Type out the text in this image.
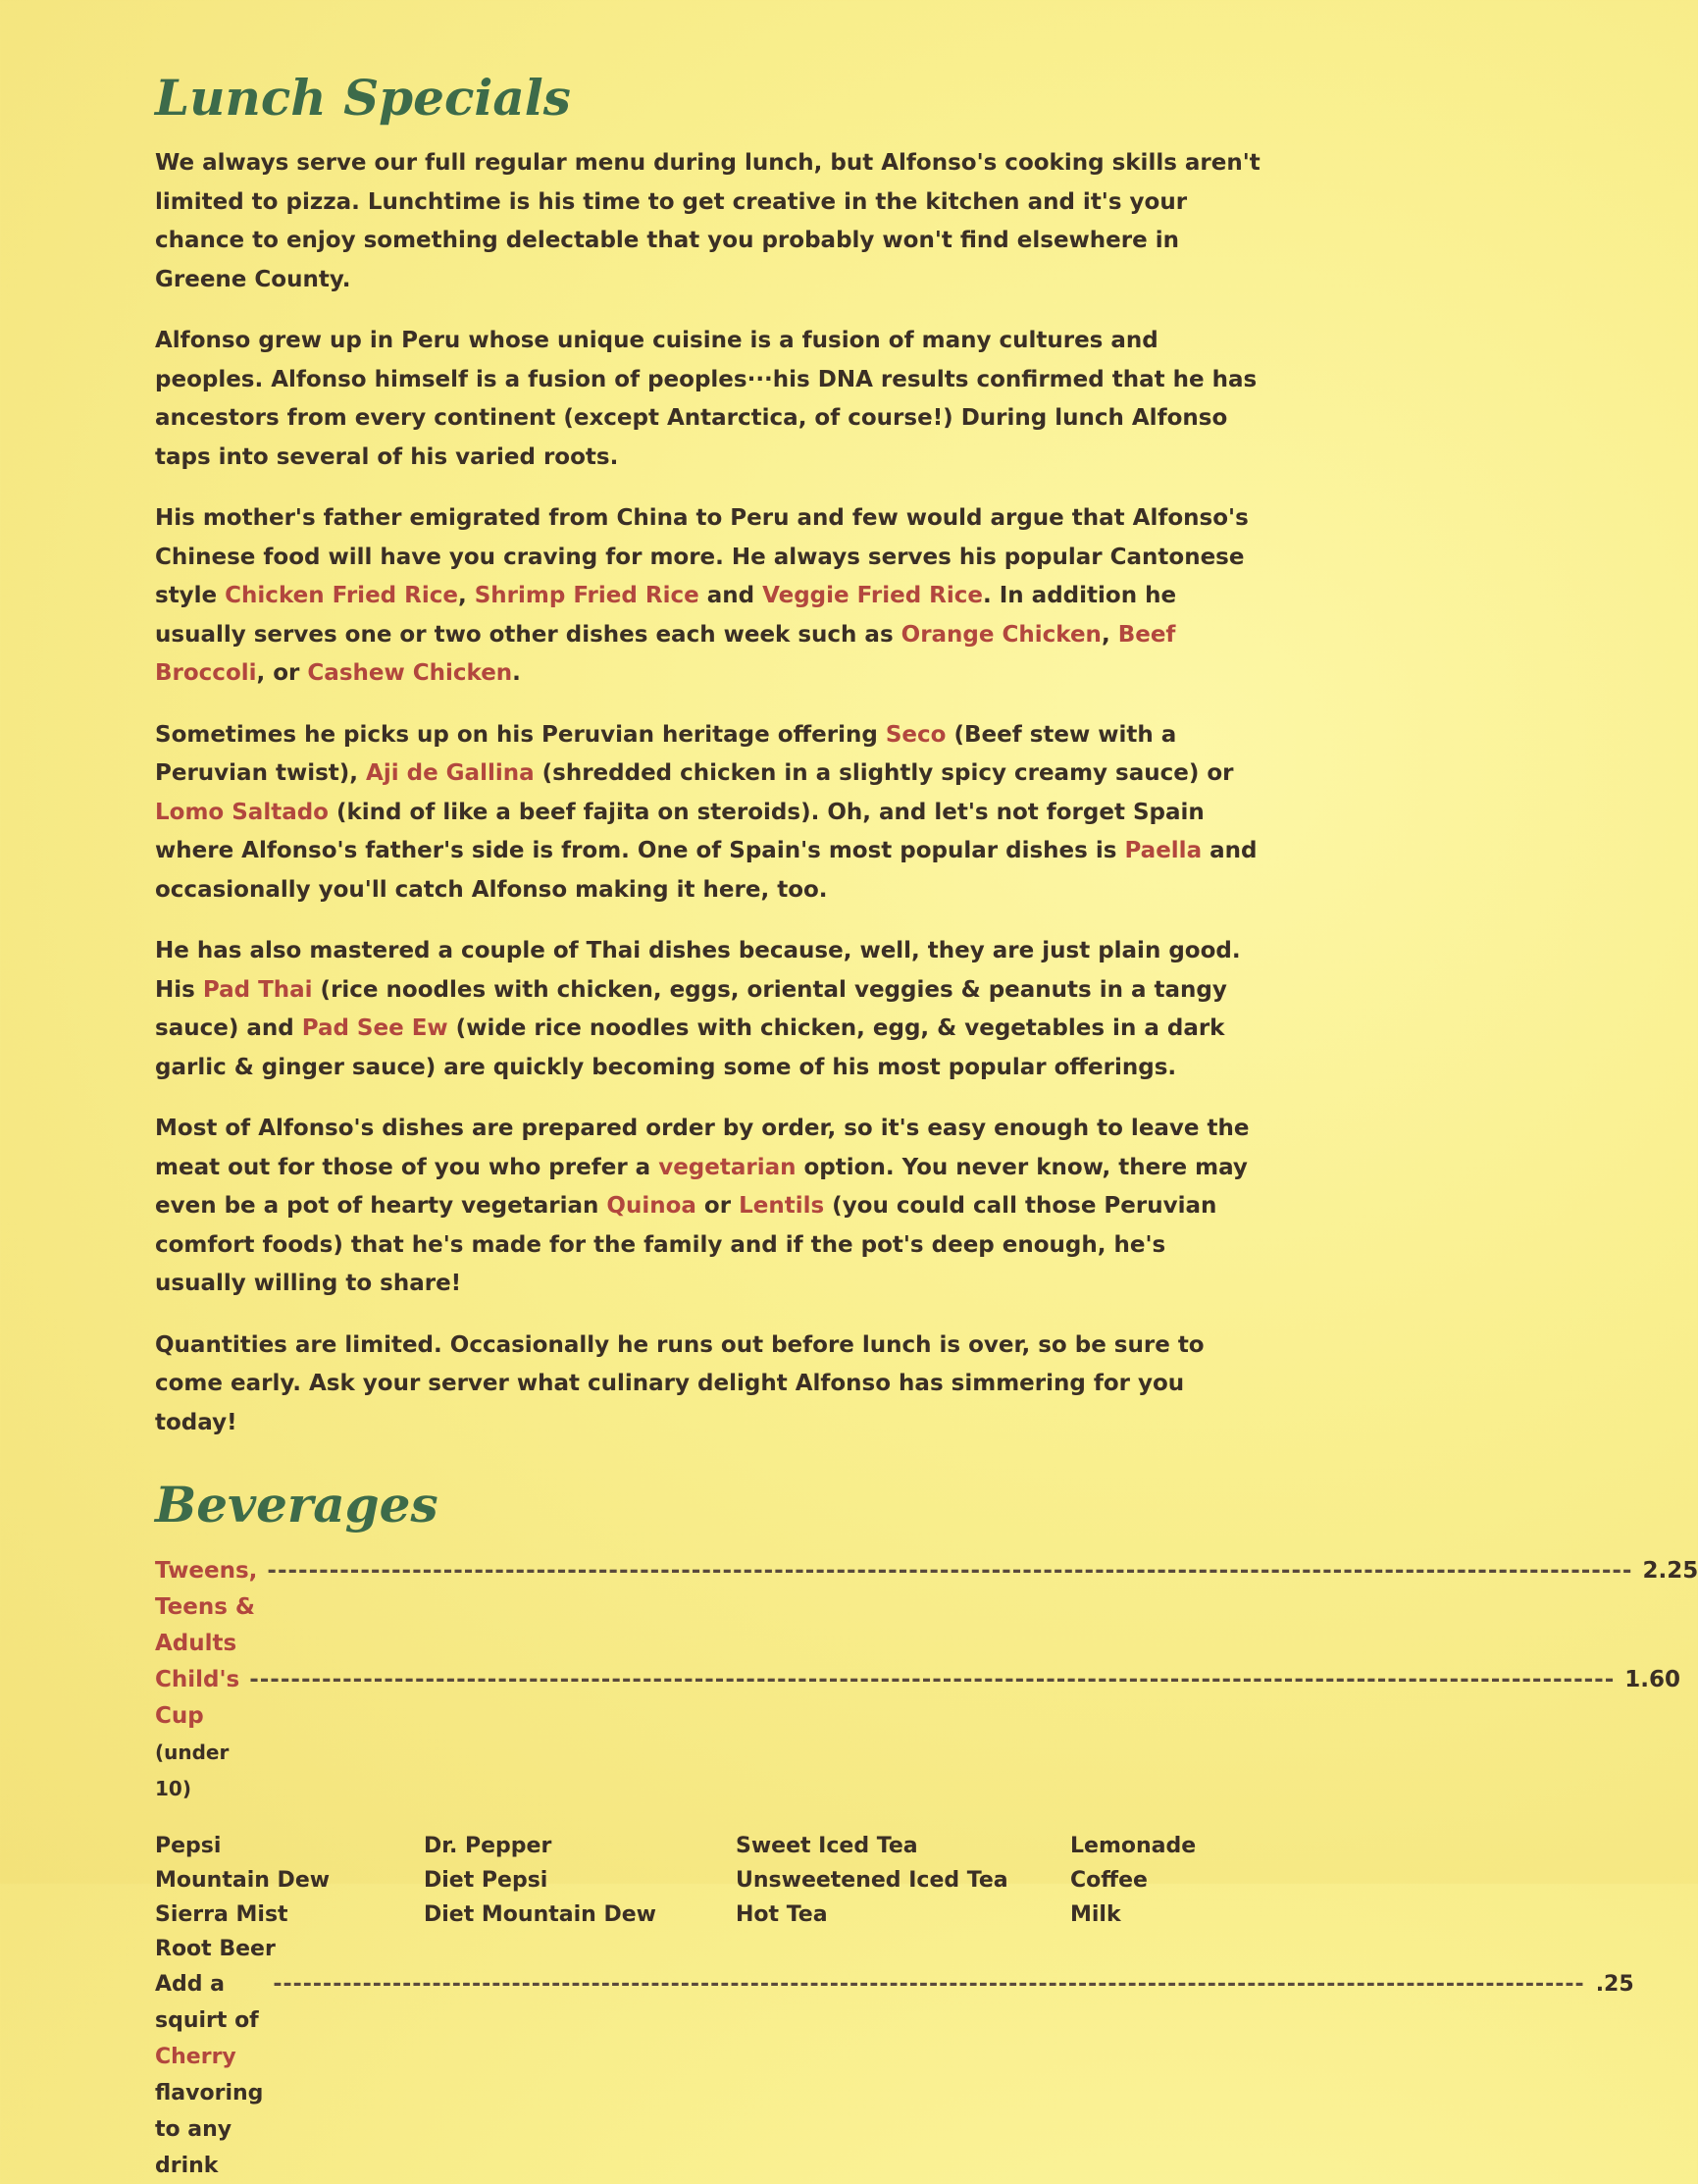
Lunch Specials

We always serve our full regular menu during lunch, but Alfonso's cooking skills aren't limited to pizza. Lunchtime is his time to get creative in the kitchen and it's your chance to enjoy something delectable that you probably won't find elsewhere in Greene County.

Alfonso grew up in Peru whose unique cuisine is a fusion of many cultures and peoples. Alfonso himself is a fusion of peoples···his DNA results confirmed that he has ancestors from every continent (except Antarctica, of course!) During lunch Alfonso taps into several of his varied roots.

His mother's father emigrated from China to Peru and few would argue that Alfonso's Chinese food will have you craving for more. He always serves his popular Cantonese style Chicken Fried Rice, Shrimp Fried Rice and Veggie Fried Rice. In addition he usually serves one or two other dishes each week such as Orange Chicken, Beef Broccoli, or Cashew Chicken.

Sometimes he picks up on his Peruvian heritage offering Seco (Beef stew with a Peruvian twist), Aji de Gallina (shredded chicken in a slightly spicy creamy sauce) or Lomo Saltado (kind of like a beef fajita on steroids). Oh, and let's not forget Spain where Alfonso's father's side is from. One of Spain's most popular dishes is Paella and occasionally you'll catch Alfonso making it here, too.

He has also mastered a couple of Thai dishes because, well, they are just plain good. His Pad Thai (rice noodles with chicken, eggs, oriental veggies & peanuts in a tangy sauce) and Pad See Ew (wide rice noodles with chicken, egg, & vegetables in a dark garlic & ginger sauce) are quickly becoming some of his most popular offerings.

Most of Alfonso's dishes are prepared order by order, so it's easy enough to leave the meat out for those of you who prefer a vegetarian option. You never know, there may even be a pot of hearty vegetarian Quinoa or Lentils (you could call those Peruvian comfort foods) that he's made for the family and if the pot's deep enough, he's usually willing to share!

Quantities are limited. Occasionally he runs out before lunch is over, so be sure to come early. Ask your server what culinary delight Alfonso has simmering for you today!

Beverages
Tweens, Teens & Adults
------------------------------------------------------------------------------------------------------------------------------------ 2.25
Child's Cup (under 10)
------------------------------------------------------------------------------------------------------------------------------------ 1.60
Pepsi
Mountain Dew
Sierra Mist
Root Beer
Dr. Pepper
Diet Pepsi
Diet Mountain Dew
Sweet Iced Tea
Unsweetened Iced Tea
Hot Tea
Lemonade
Coffee
Milk
Add a squirt of Cherry flavoring to any drink
------------------------------------------------------------------------------------------------------------------------------------ .25
